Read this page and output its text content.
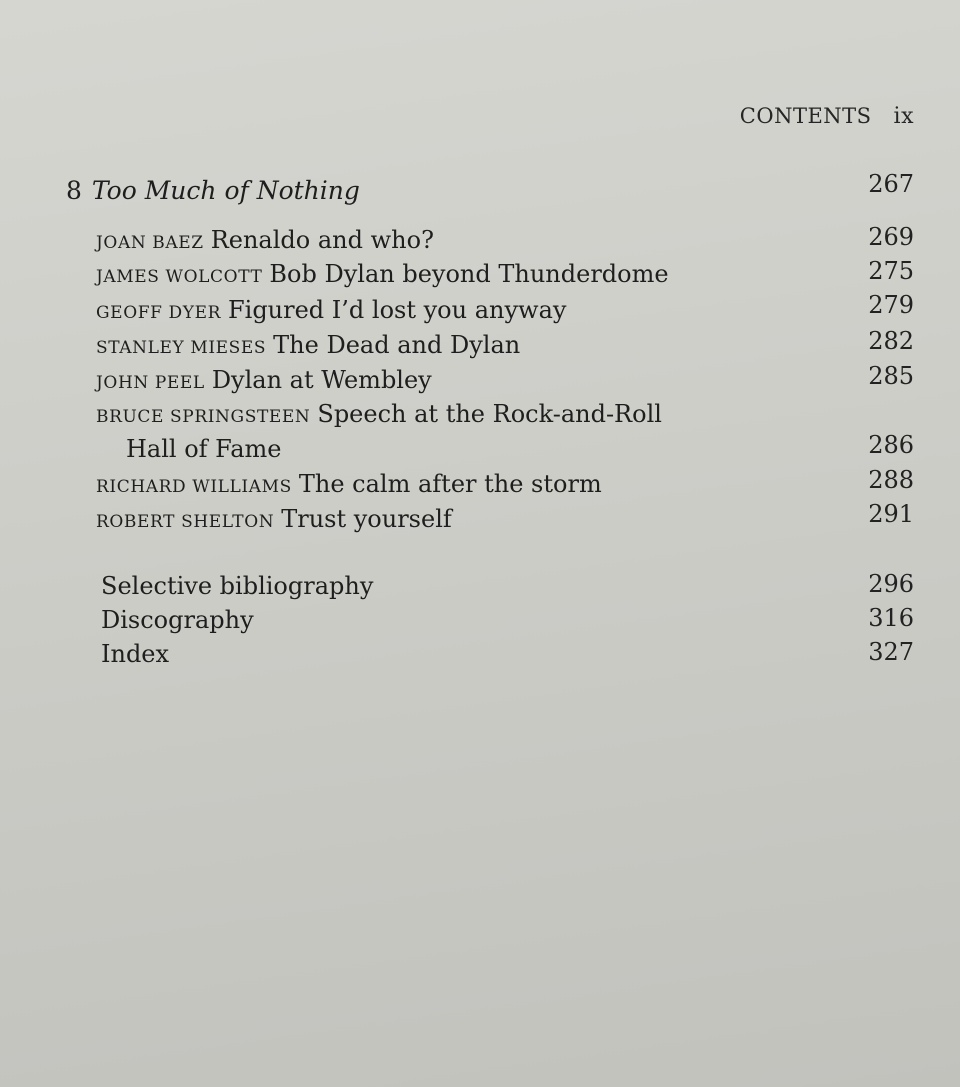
CONTENTS ix
8 Too Much of Nothing	267
JOAN BAEZ Renaldo and who?	269
JAMES WOLCOTT Bob Dylan beyond Thunderdome	275
GEOFF DYER Figured I’d lost you anyway	279
STANLEY MIESES The Dead and Dylan	282
JOHN PEEL Dylan at Wembley	285
BRUCE SPRINGSTEEN Speech at the Rock-and-Roll
Hall of Fame	286
RICHARD WILLIAMS The calm after the storm	288
ROBERT SHELTON Trust yourself	291
Selective bibliography	296
Discography	316
Index	327
